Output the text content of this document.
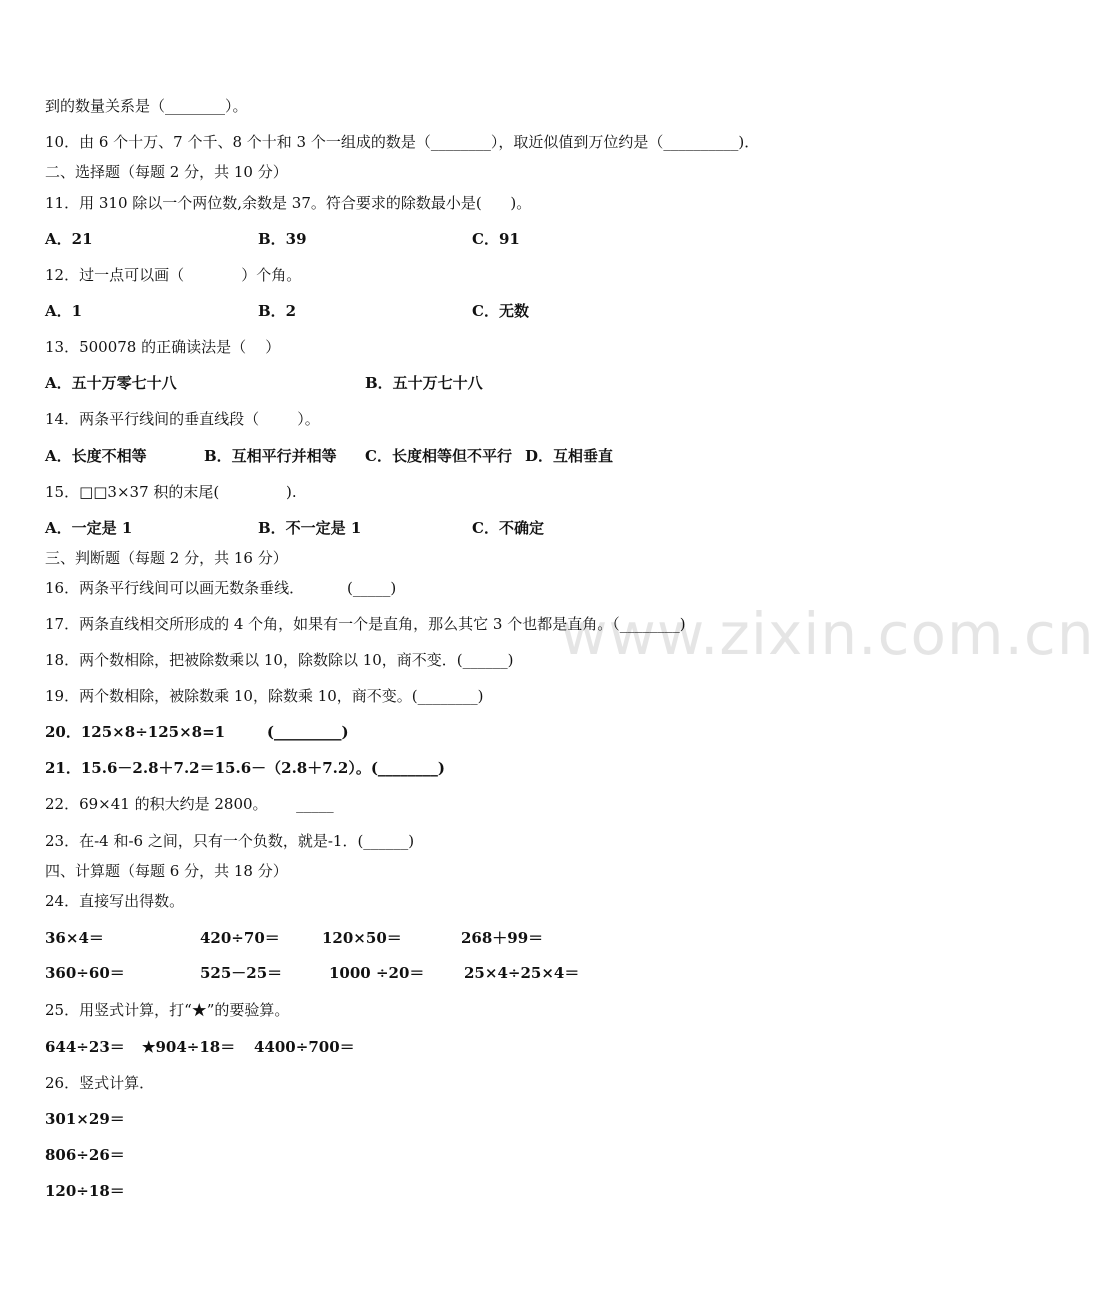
www.zixin.com.cn
到的数量关系是（________）。
10．由 6 个十万、7 个千、8 个十和 3 个一组成的数是（________），取近似值到万位约是（__________)．
二、选择题（每题 2 分，共 10 分）
11．用 310 除以一个两位数,余数是 37。符合要求的除数最小是(      )。
A．21	B．39	C．91
12．过一点可以画（            ）个角。
A．1	B．2	C．无数
13．500078 的正确读法是（    ）
A．五十万零七十八	B．五十万七十八
14．两条平行线间的垂直线段（        ）。
A．长度不相等	B．互相平行并相等 C．长度相等但不平行 D．互相垂直
15．□□3×37 积的末尾(              ).
A．一定是 1	B．不一定是 1	C．不确定
三、判断题（每题 2 分，共 16 分）
16．两条平行线间可以画无数条垂线．         (_____)
17．两条直线相交所形成的 4 个角，如果有一个是直角，那么其它 3 个也都是直角。（________)
18．两个数相除，把被除数乘以 10，除数除以 10，商不变．(______)
19．两个数相除，被除数乘 10，除数乘 10，商不变。(________)
20．125×8÷125×8=1        (_________)
21．15.6－2.8＋7.2＝15.6－（2.8＋7.2）。(________)
22．69×41 的积大约是 2800。      _____
23．在-4 和-6 之间，只有一个负数，就是-1．(______)
四、计算题（每题 6 分，共 18 分）
24．直接写出得数。
36×4＝	420÷70＝	120×50＝	268＋99＝
360÷60＝	525－25＝	1000 ÷20＝	25×4÷25×4＝
25．用竖式计算，打“★”的要验算。
644÷23＝ ★904÷18＝ 4400÷700＝
26．竖式计算．
301×29＝
806÷26＝
120÷18＝
